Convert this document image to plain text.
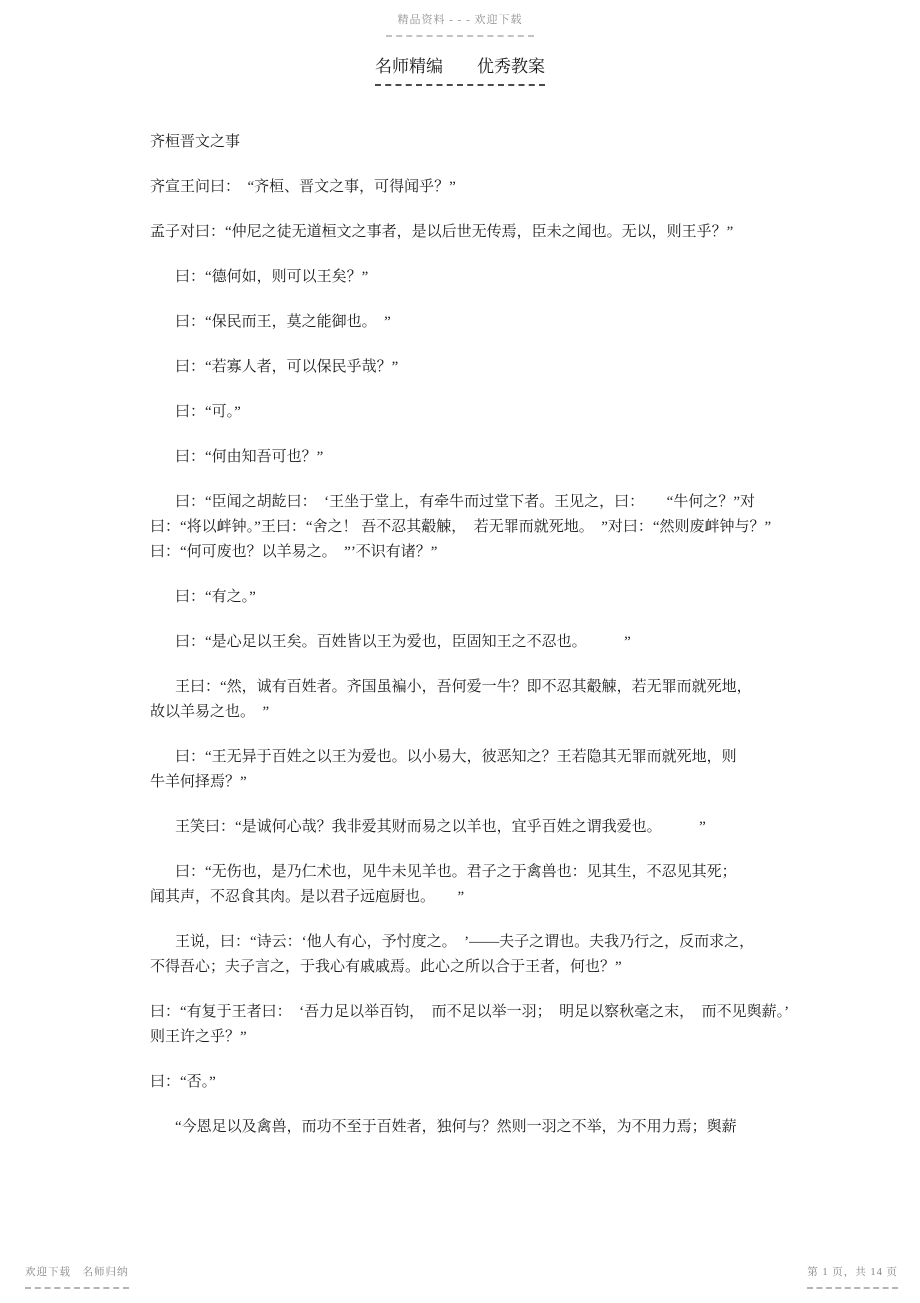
精品资料 - - - 欢迎下载
名师精编　　优秀教案

齐桓晋文之事

齐宣王问曰：　“齐桓、晋文之事，可得闻乎？”

孟子对曰：“仲尼之徒无道桓文之事者，是以后世无传焉，臣未之闻也。无以，则王乎？”

曰：“德何如，则可以王矣？”

曰：“保民而王，莫之能御也。　”

曰：“若寡人者，可以保民乎哉？”

曰：“可。”

曰：“何由知吾可也？”

曰：“臣闻之胡龁曰：　‘王坐于堂上，有牵牛而过堂下者。王见之，曰：　　“牛何之？”对
曰：“将以衅钟。”王曰：“舍之！ 吾不忍其觳觫，　若无罪而就死地。　”对曰：“然则废衅钟与？”
曰：“何可废也？以羊易之。　”’不识有诸？”

曰：“有之。”

曰：“是心足以王矣。百姓皆以王为爱也，臣固知王之不忍也。　　　”

王曰：“然，诚有百姓者。齐国虽褊小，吾何爱一牛？即不忍其觳觫，若无罪而就死地，
故以羊易之也。　”

曰：“王无异于百姓之以王为爱也。以小易大，彼恶知之？王若隐其无罪而就死地，则
牛羊何择焉？”

王笑曰：“是诚何心哉？我非爱其财而易之以羊也，宜乎百姓之谓我爱也。　　　”

曰：“无伤也，是乃仁术也，见牛未见羊也。君子之于禽兽也：见其生，不忍见其死；
闻其声，不忍食其肉。是以君子远庖厨也。　　”

王说，曰：“诗云：‘他人有心，予忖度之。　’——夫子之谓也。夫我乃行之，反而求之，
不得吾心；夫子言之，于我心有戚戚焉。此心之所以合于王者，何也？”

曰：“有复于王者曰：　‘吾力足以举百钧，　而不足以举一羽；　明足以察秋毫之末，　而不见舆薪。’
则王许之乎？”

曰：“否。”

“今恩足以及禽兽，而功不至于百姓者，独何与？然则一羽之不举，为不用力焉；舆薪

欢迎下载　名师归纳	第 1 页，共 14 页
